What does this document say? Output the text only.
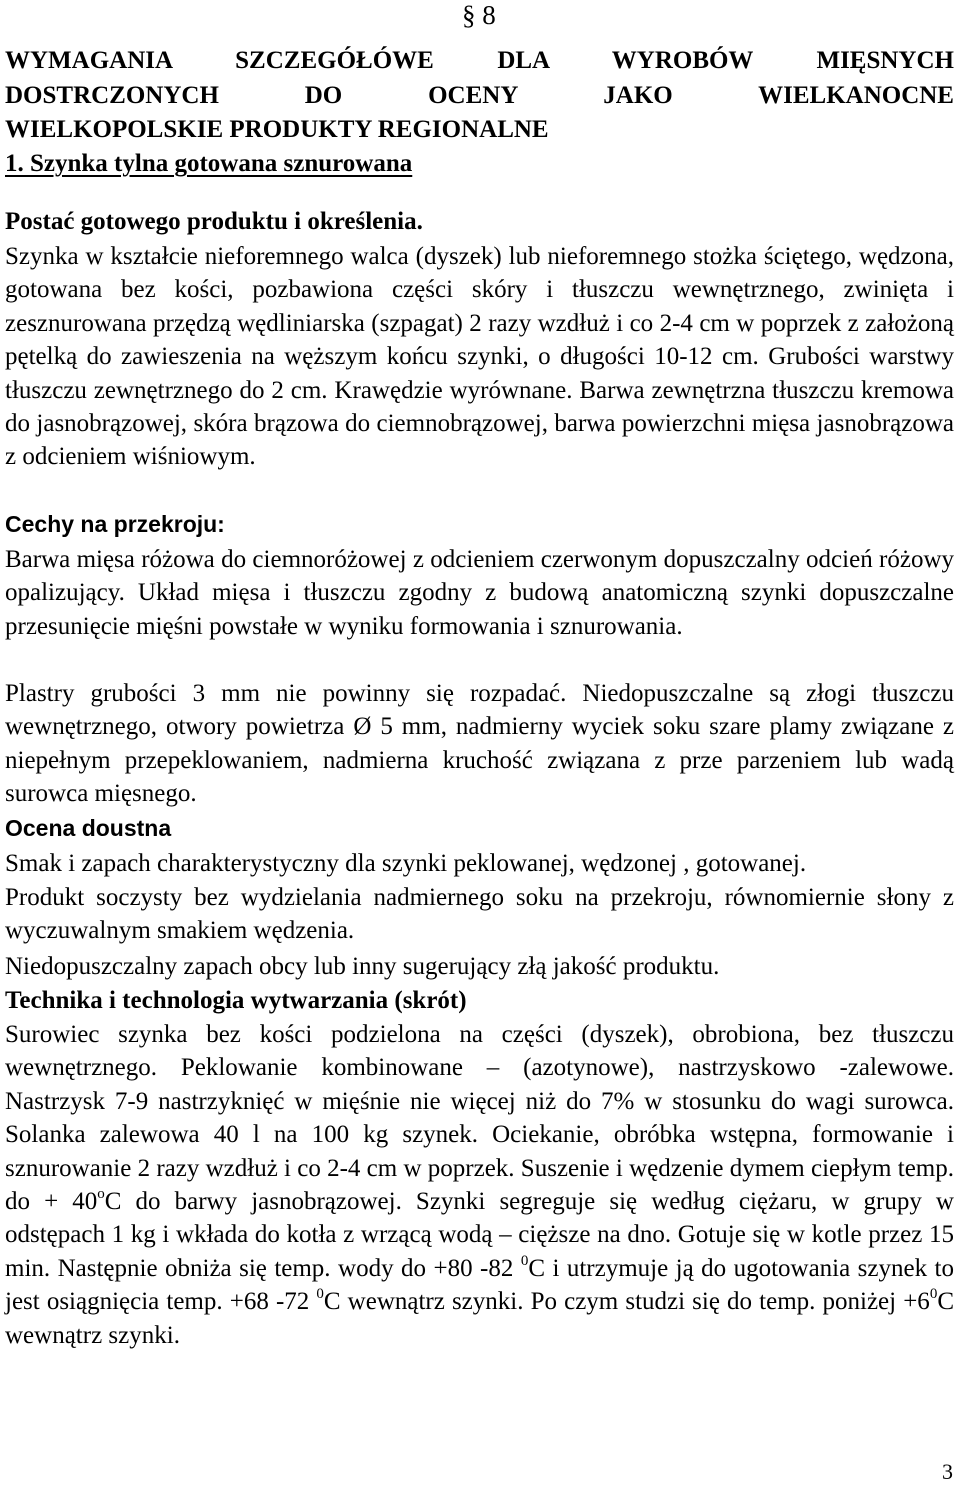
§ 8

WYMAGANIA SZCZEGÓŁÓWE DLA WYROBÓW MIĘSNYCH

DOSTRCZONYCH DO OCENY JAKO WIELKANOCNE

WIELKOPOLSKIE PRODUKTY REGIONALNE

1. Szynka tylna gotowana sznurowana

Postać gotowego produktu i określenia.

Szynka w kształcie nieforemnego walca (dyszek) lub nieforemnego stożka ściętego, wędzona, gotowana bez kości, pozbawiona części skóry i tłuszczu wewnętrznego, zwinięta i zesznurowana przędzą wędliniarska (szpagat) 2 razy wzdłuż i co 2-4 cm w poprzek z założoną pętelką do zawieszenia na węższym końcu szynki, o długości 10-12 cm. Grubości warstwy tłuszczu zewnętrznego do 2 cm. Krawędzie wyrównane. Barwa zewnętrzna tłuszczu kremowa do jasnobrązowej, skóra brązowa do ciemnobrązowej, barwa powierzchni mięsa jasnobrązowa z odcieniem wiśniowym.

Cechy na przekroju:

Barwa mięsa różowa do ciemnoróżowej z odcieniem czerwonym dopuszczalny odcień różowy opalizujący. Układ mięsa i tłuszczu zgodny z budową anatomiczną szynki dopuszczalne przesunięcie mięśni powstałe w wyniku formowania i sznurowania.

Plastry grubości 3 mm nie powinny się rozpadać. Niedopuszczalne są złogi tłuszczu wewnętrznego, otwory powietrza Ø 5 mm, nadmierny wyciek soku szare plamy związane z niepełnym przepeklowaniem, nadmierna kruchość związana z prze parzeniem lub wadą surowca mięsnego.

Ocena doustna

Smak i zapach charakterystyczny dla szynki peklowanej, wędzonej , gotowanej.

Produkt soczysty bez wydzielania nadmiernego soku na przekroju, równomiernie słony z wyczuwalnym smakiem wędzenia.

Niedopuszczalny zapach obcy lub inny sugerujący złą jakość produktu.

Technika i technologia wytwarzania (skrót)

Surowiec szynka bez kości podzielona na części (dyszek), obrobiona, bez tłuszczu wewnętrznego. Peklowanie kombinowane – (azotynowe), nastrzyskowo -zalewowe. Nastrzysk 7-9 nastrzyknięć w mięśnie nie więcej niż do 7% w stosunku do wagi surowca. Solanka zalewowa 40 l na 100 kg szynek. Ociekanie, obróbka wstępna, formowanie i sznurowanie 2 razy wzdłuż i co 2-4 cm w poprzek. Suszenie i wędzenie dymem ciepłym temp. do + $40^oC$ do barwy jasnobrązowej. Szynki segreguje się według ciężaru, w grupy w odstępach 1 kg i wkłada do kotła z wrzącą wodą – cięższe na dno. Gotuje się w kotle przez 15 min. Następnie obniża się temp. wody do +80 -82 $^0$C i utrzymuje ją do ugotowania szynek to jest osiągnięcia temp. +68 -72 $^0$C wewnątrz szynki. Po czym studzi się do temp. poniżej $+6^0C$ wewnątrz szynki.

3
